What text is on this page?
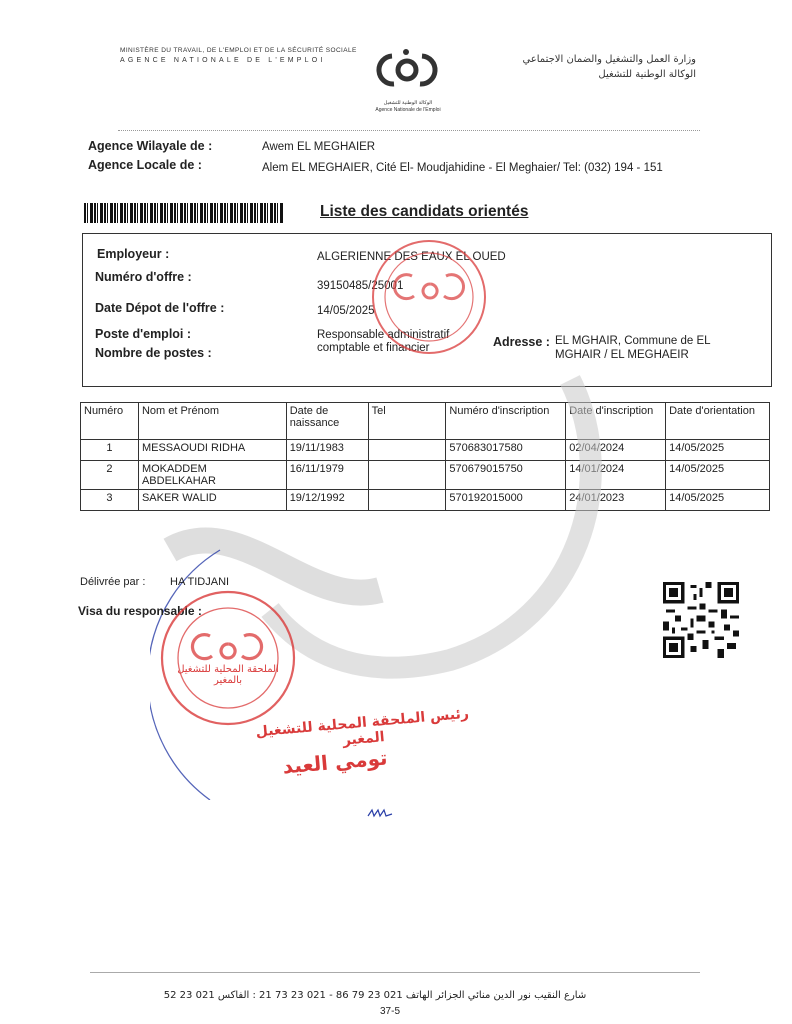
MINISTÈRE DU TRAVAIL, DE L'EMPLOI ET DE LA SÉCURITÉ SOCIALE
AGENCE NATIONALE DE L'EMPLOI
الوكالة الوطنية للتشغيل
Agence Nationale de l'Emploi
وزارة العمل والتشغيل والضمان الاجتماعي
الوكالة الوطنية للتشغيل
Agence Wilayale de :	Awem EL MEGHAIER
Agence Locale de :	Alem EL MEGHAIER, Cité El- Moudjahidine - El Meghaier/ Tel: (032) 194 - 151
Liste des candidats orientés
Employeur :	ALGERIENNE DES EAUX EL OUED
Numéro d'offre :
39150485/25001
Date Dépot de l'offre :	14/05/2025
Poste d'emploi :	Responsable administratif
comptable et financier
Nombre de postes :
Adresse : EL MGHAIR, Commune de EL
MGHAIR / EL MEGHAEIR
Numéro	Nom et Prénom	Date de naissance	Tel	Numéro d'inscription	Date d'inscription	Date d'orientation
1	MESSAOUDI RIDHA	19/11/1983		570683017580	02/04/2024	14/05/2025
2	MOKADDEM ABDELKAHAR	16/11/1979		570679015750	14/01/2024	14/05/2025
3	SAKER WALID	19/12/1992		570192015000	24/01/2023	14/05/2025
Délivrée par : HA TIDJANI
Visa du responsable :
الملحقة المحلية للتشغيل بالمغير
رئيس الملحقة المحلية للتشغيل المغير
تومي العيد
شارع النقيب نور الدين منائي الجزائر الهاتف 021 23 79 86 - 021 23 73 21 : الفاكس 021 23 52
37-5
